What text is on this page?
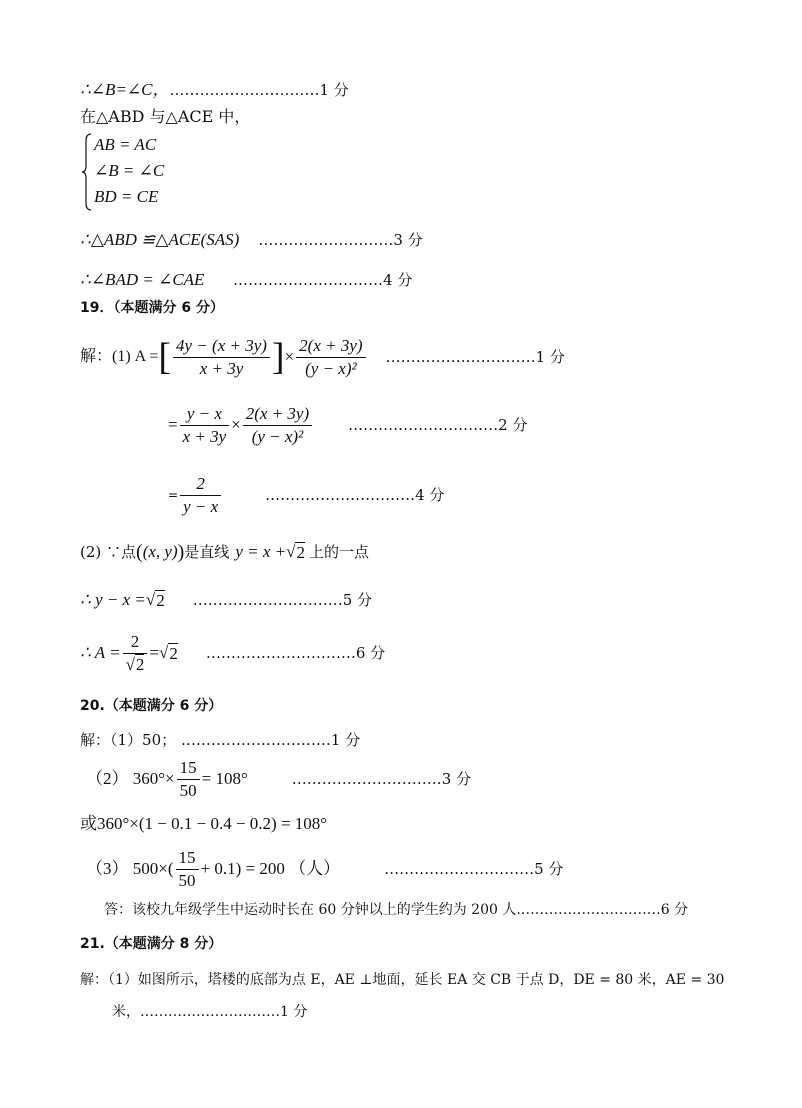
∴∠B=∠C，…………………………1 分
在△ABD 与△ACE 中，
AB = AC
∠B = ∠C
BD = CE
∴△ABD ≌△ACE(SAS) ………………………3 分
∴∠BAD = ∠CAE …………………………4 分
19．（本题满分 6 分）
解：(1) A = [ $\frac{4y - (x + 3y)}{x + 3y}$ ] × $\frac{2(x + 3y)}{\text{(y − x)²}}$ ………………………… 1 分
= $\frac{y - x}{x + 3y} \times \frac{2(x + 3y)}{\text{(y − x)²}}$ ………………………… 2 分
= $\frac{2}{y - x}$	………………………… 4 分
(2) ∵点 ( (x, y) ) 是直线 y = x + √ 2 上的一点
∴ y − x = √ 2 ………………………… 5 分
∴ $A = \frac{2}{√2}$ = √ 2 ………………………… 6 分
20.（本题满分 6 分）
解：（1）50； …………………………1 分
（2） $360^\circ\times \frac{15}{50} = 108^\circ$	………………………… 3 分
或360°×(1 − 0.1 − 0.4 − 0.2) = 108°
（3） $500\times( \frac{15}{50} + 0.1) = 200$ （人）	………………………… 5 分
答：该校九年级学生中运动时长在 60 分钟以上的学生约为 200 人.…………………………6 分
21.（本题满分 8 分）
解：（1）如图所示，塔楼的底部为点 E，AE ⊥地面，延长 EA 交 CB 于点 D，DE = 80 米，AE = 30
米，…………………………1 分
